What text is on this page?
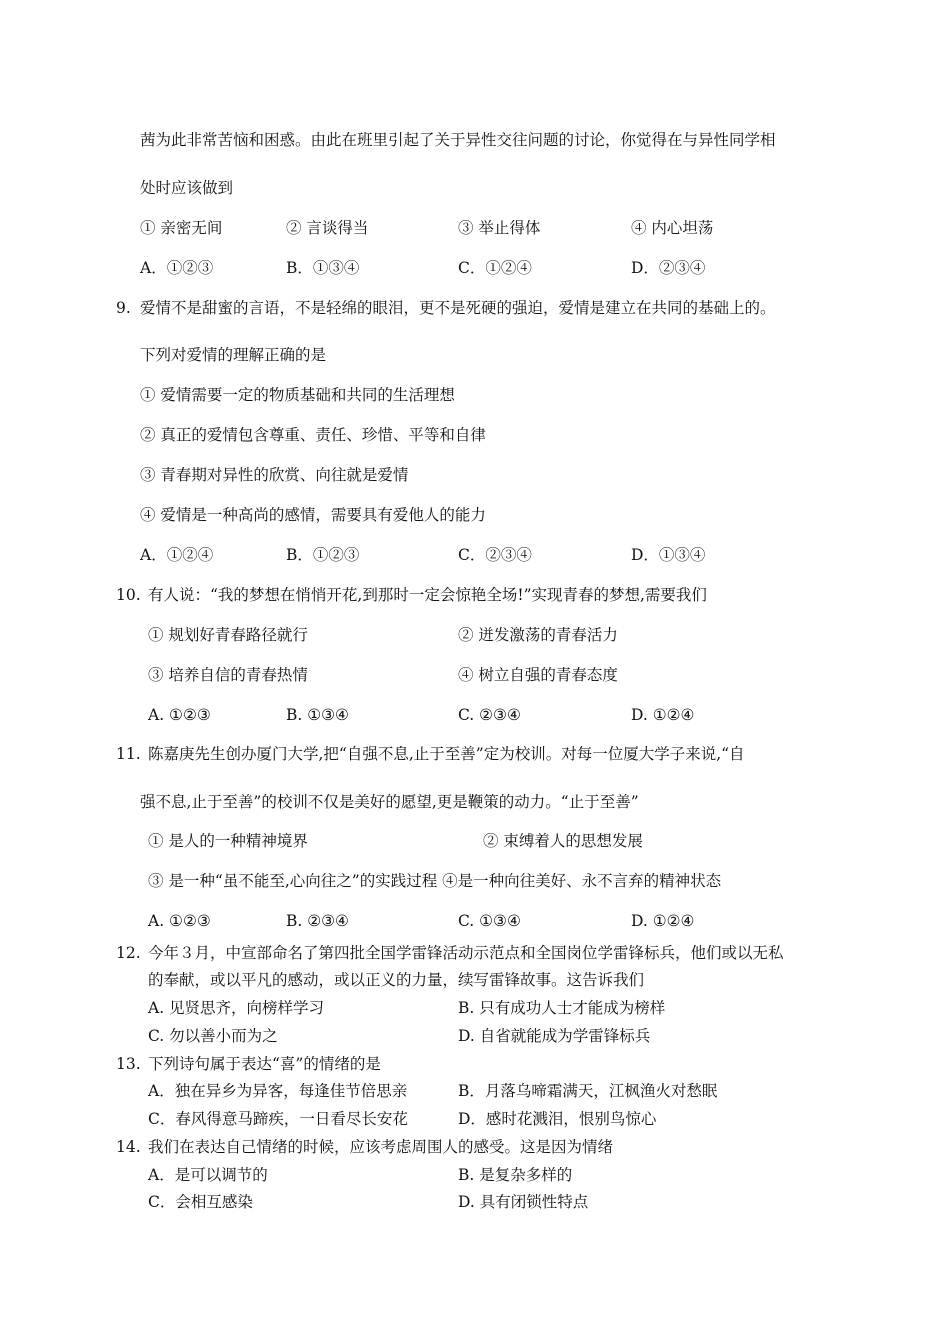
茜为此非常苦恼和困惑。由此在班里引起了关于异性交往问题的讨论，你觉得在与异性同学相
处时应该做到
① 亲密无间	② 言谈得当	③ 举止得体	④ 内心坦荡
A．①②③	B．①③④	C．①②④	D．②③④
9. 爱情不是甜蜜的言语，不是轻绵的眼泪，更不是死硬的强迫，爱情是建立在共同的基础上的。
下列对爱情的理解正确的是
① 爱情需要一定的物质基础和共同的生活理想
② 真正的爱情包含尊重、责任、珍惜、平等和自律
③ 青春期对异性的欣赏、向往就是爱情
④ 爱情是一种高尚的感情，需要具有爱他人的能力
A．①②④	B．①②③	C．②③④	D．①③④
10. 有人说：“我的梦想在悄悄开花,到那时一定会惊艳全场!”实现青春的梦想,需要我们
① 规划好青春路径就行	② 迸发激荡的青春活力
③ 培养自信的青春热情	④ 树立自强的青春态度
A. ①②③	B. ①③④	C. ②③④	D. ①②④
11. 陈嘉庚先生创办厦门大学,把“自强不息,止于至善”定为校训。对每一位厦大学子来说,“自
强不息,止于至善”的校训不仅是美好的愿望,更是鞭策的动力。“止于至善”
① 是人的一种精神境界	② 束缚着人的思想发展
③ 是一种“虽不能至,心向往之”的实践过程 ④是一种向往美好、永不言弃的精神状态
A. ①②③	B. ②③④	C. ①③④	D. ①②④
12. 今年３月，中宣部命名了第四批全国学雷锋活动示范点和全国岗位学雷锋标兵，他们或以无私
的奉献，或以平凡的感动，或以正义的力量，续写雷锋故事。这告诉我们
A. 见贤思齐，向榜样学习	B. 只有成功人士才能成为榜样
C. 勿以善小而为之	D. 自省就能成为学雷锋标兵
13. 下列诗句属于表达“喜”的情绪的是
A．独在异乡为异客，每逢佳节倍思亲	B．月落乌啼霜满天，江枫渔火对愁眠
C．春风得意马蹄疾，一日看尽长安花	D．感时花溅泪，恨别鸟惊心
14. 我们在表达自己情绪的时候，应该考虑周围人的感受。这是因为情绪
A．是可以调节的	B. 是复杂多样的
C．会相互感染	D. 具有闭锁性特点
